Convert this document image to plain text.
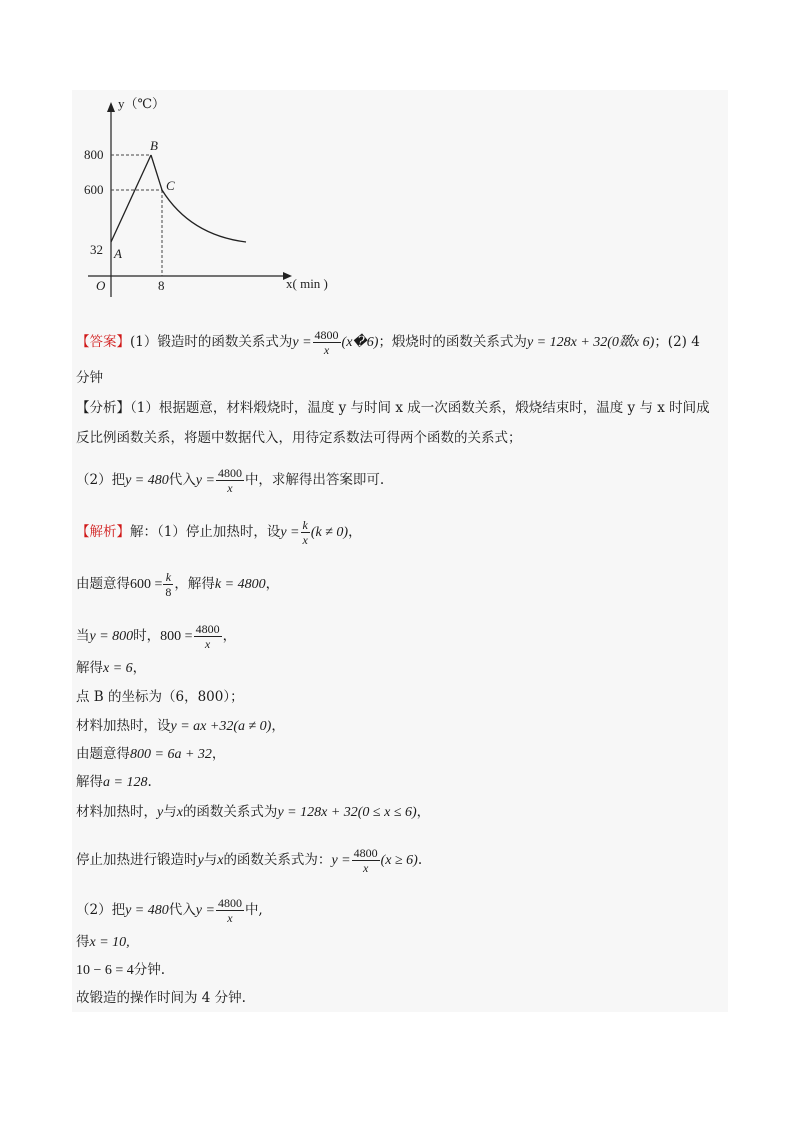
y（℃）
x( min )
O
800
600
32
8
A
B
C
【答案】(1）锻造时的函数关系式为$y = \frac{4800}{x}$ (x�6)；煅烧时的函数关系式为y = 128x + 32(0敪x 6)；(2) 4
分钟
【分析】（1）根据题意，材料煅烧时，温度 y 与时间 x 成一次函数关系，煅烧结束时，温度 y 与 x 时间成
反比例函数关系，将题中数据代入，用待定系数法可得两个函数的关系式；
（2）把y = 480代入$y = \frac{4800}{x}$ 中，求解得出答案即可.
【解析】解：（1）停止加热时，设$y = \frac{k}{x} (k \ne 0)$，
由题意得$600 = \frac{k}{8}$ ，解得k = 4800，
当y = 800时，$800 = \frac{4800}{x}$ ，
解得x = 6，
点 B 的坐标为（6，800）；
材料加热时，设y = ax +32(a ≠ 0)，
由题意得800 = 6a + 32，
解得a = 128.
材料加热时，y与x的函数关系式为y = 128x + 32(0 ≤ x ≤ 6)，
停止加热进行锻造时y与x的函数关系式为：$y = \frac{4800}{x} (x \ge 6)$.
（2）把y = 480代入$y = \frac{4800}{x}$ 中,
得x = 10,
10 − 6 = 4分钟.
故锻造的操作时间为 4 分钟.
